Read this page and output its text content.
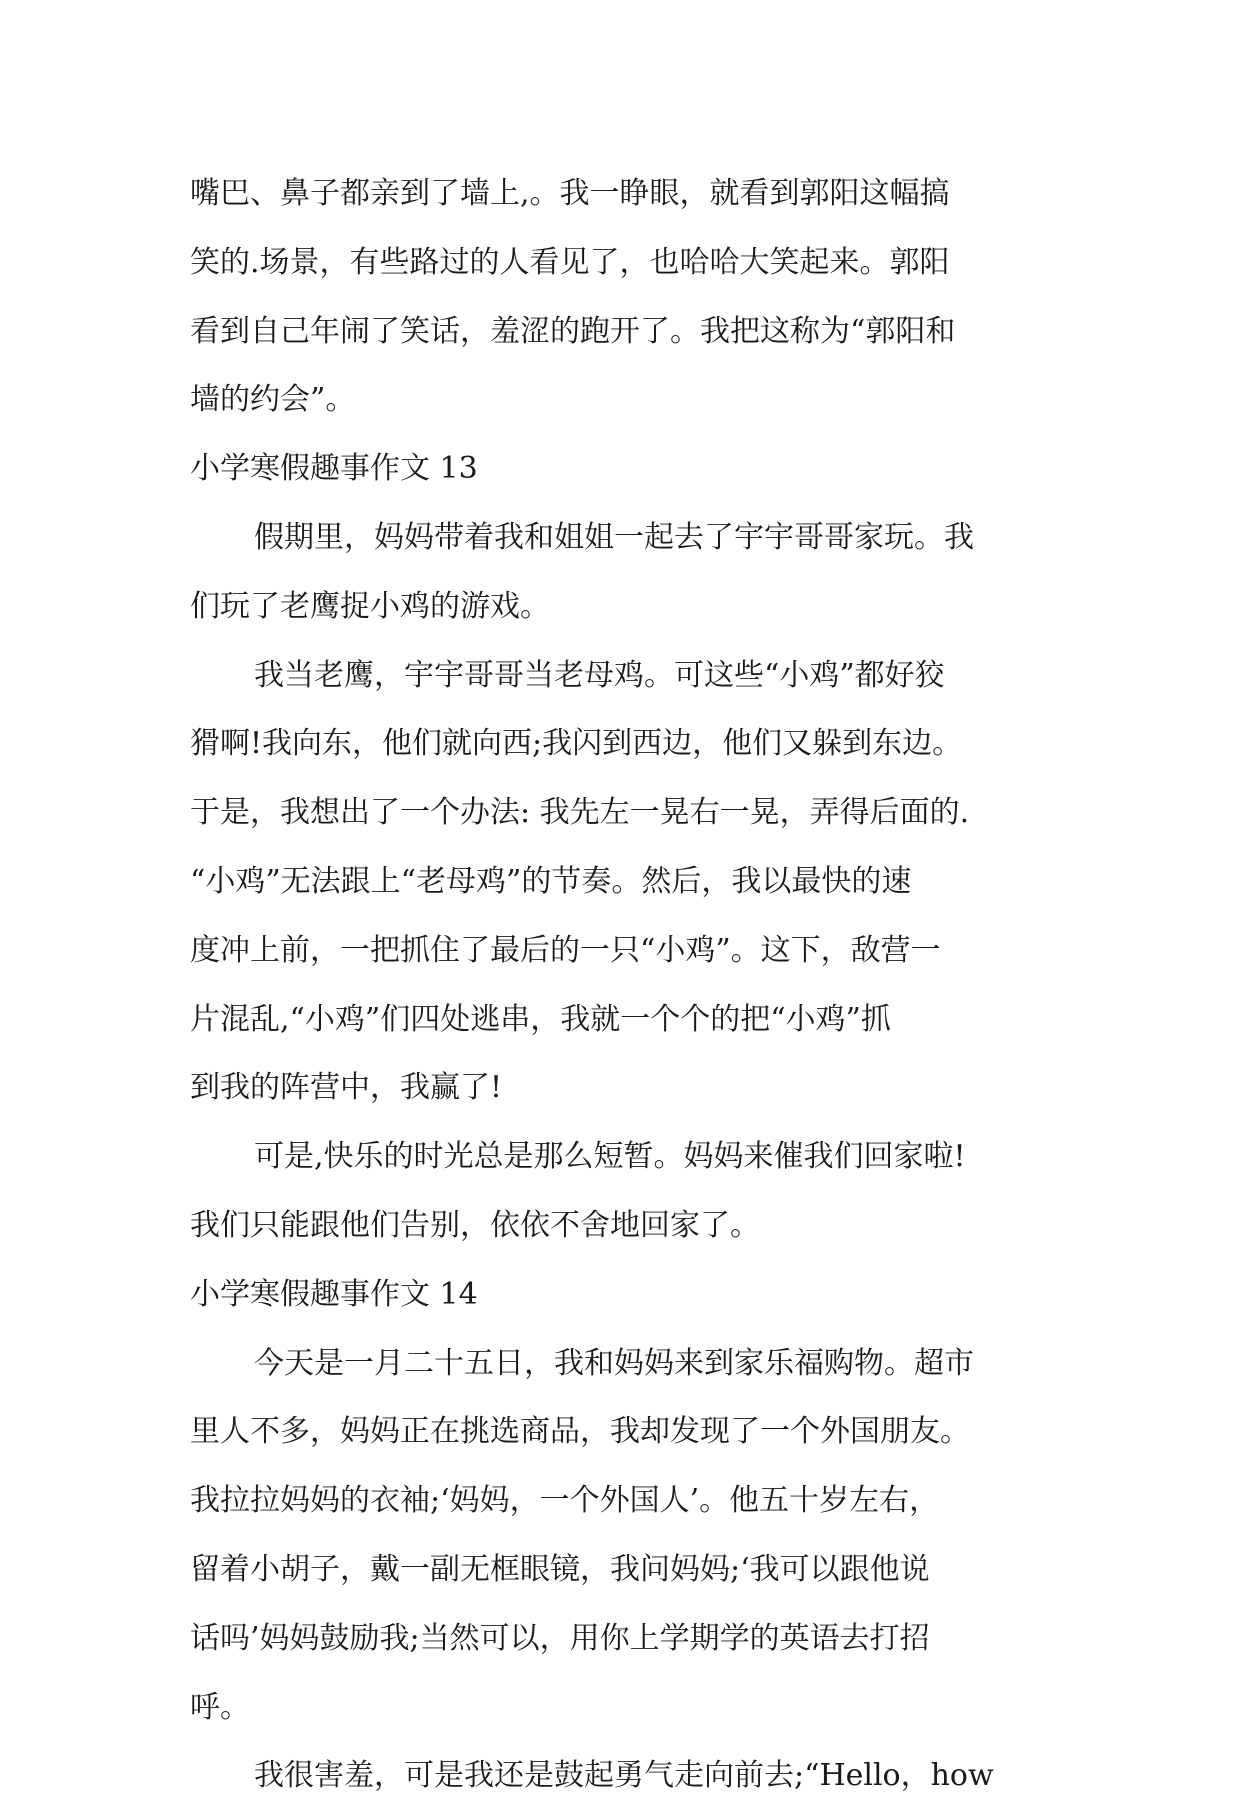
嘴巴、鼻子都亲到了墙上,。我一睁眼，就看到郭阳这幅搞
笑的.场景，有些路过的人看见了，也哈哈大笑起来。郭阳
看到自己年闹了笑话，羞涩的跑开了。我把这称为“郭阳和
墙的约会”。
小学寒假趣事作文 13
假期里，妈妈带着我和姐姐一起去了宇宇哥哥家玩。我
们玩了老鹰捉小鸡的游戏。
我当老鹰，宇宇哥哥当老母鸡。可这些“小鸡”都好狡
猾啊!我向东，他们就向西;我闪到西边，他们又躲到东边。
于是，我想出了一个办法: 我先左一晃右一晃，弄得后面的.
“小鸡”无法跟上“老母鸡”的节奏。然后，我以最快的速
度冲上前，一把抓住了最后的一只“小鸡”。这下，敌营一
片混乱,“小鸡”们四处逃串，我就一个个的把“小鸡”抓
到我的阵营中，我赢了!
可是,快乐的时光总是那么短暂。妈妈来催我们回家啦!
我们只能跟他们告别，依依不舍地回家了。
小学寒假趣事作文 14
今天是一月二十五日，我和妈妈来到家乐福购物。超市
里人不多，妈妈正在挑选商品，我却发现了一个外国朋友。
我拉拉妈妈的衣袖;‘妈妈，一个外国人’。他五十岁左右，
留着小胡子，戴一副无框眼镜，我问妈妈;‘我可以跟他说
话吗’妈妈鼓励我;当然可以，用你上学期学的英语去打招
呼。
我很害羞，可是我还是鼓起勇气走向前去;“Hello，how
